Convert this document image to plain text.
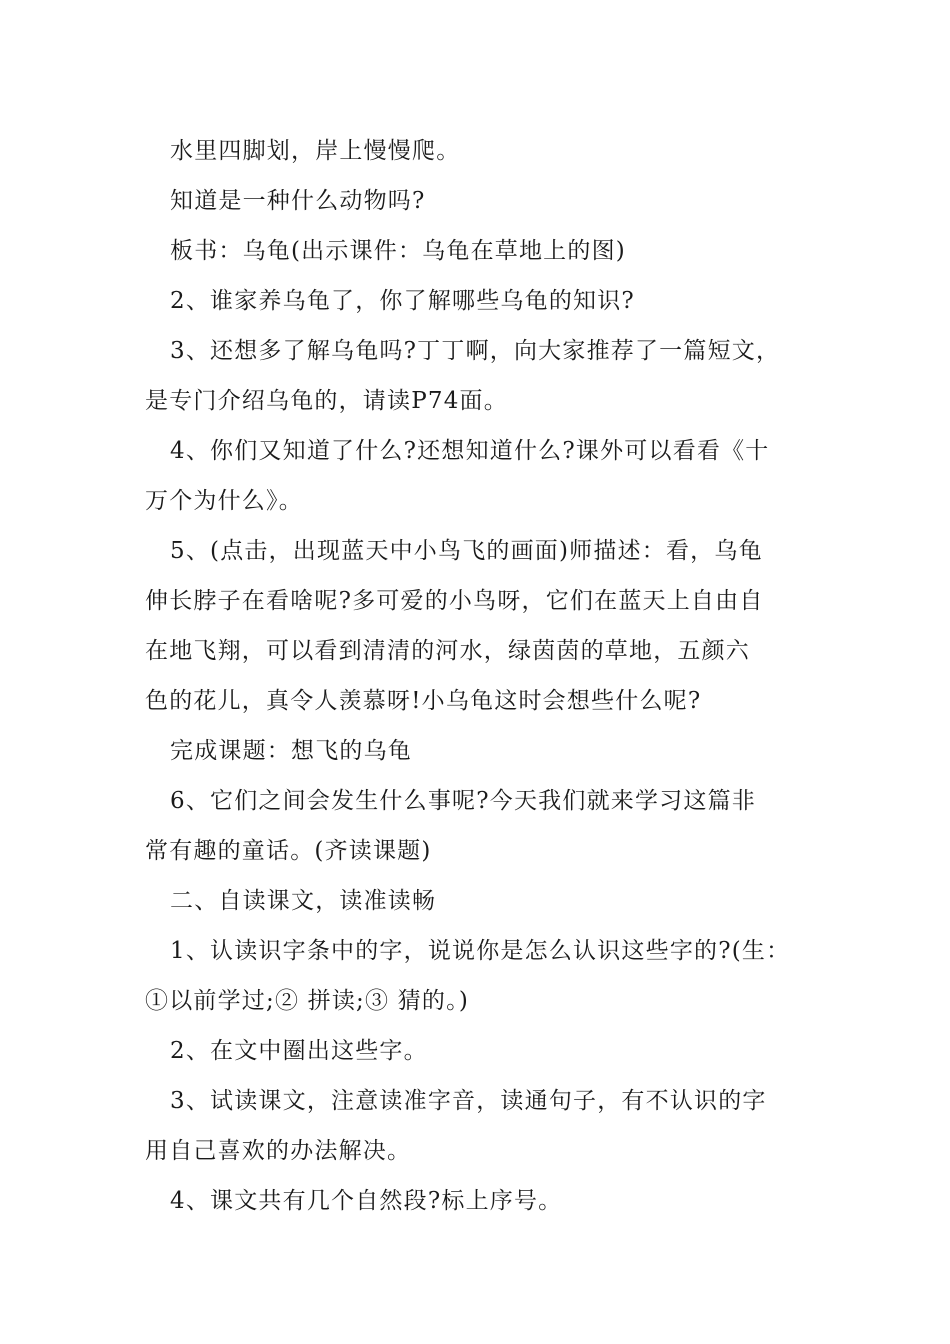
水里四脚划，岸上慢慢爬。
知道是一种什么动物吗?
板书：乌龟(出示课件：乌龟在草地上的图)
2、谁家养乌龟了，你了解哪些乌龟的知识?
3、还想多了解乌龟吗?丁丁啊，向大家推荐了一篇短文，
是专门介绍乌龟的，请读P74面。
4、你们又知道了什么?还想知道什么?课外可以看看《十
万个为什么》。
5、(点击，出现蓝天中小鸟飞的画面)师描述：看，乌龟
伸长脖子在看啥呢?多可爱的小鸟呀，它们在蓝天上自由自
在地飞翔，可以看到清清的河水，绿茵茵的草地，五颜六
色的花儿，真令人羡慕呀!小乌龟这时会想些什么呢?
完成课题：想飞的乌龟
6、它们之间会发生什么事呢?今天我们就来学习这篇非
常有趣的童话。(齐读课题)
二、自读课文，读准读畅
1、认读识字条中的字，说说你是怎么认识这些字的?(生：
①以前学过;② 拼读;③ 猜的。)
2、在文中圈出这些字。
3、试读课文，注意读准字音，读通句子，有不认识的字
用自己喜欢的办法解决。
4、课文共有几个自然段?标上序号。
